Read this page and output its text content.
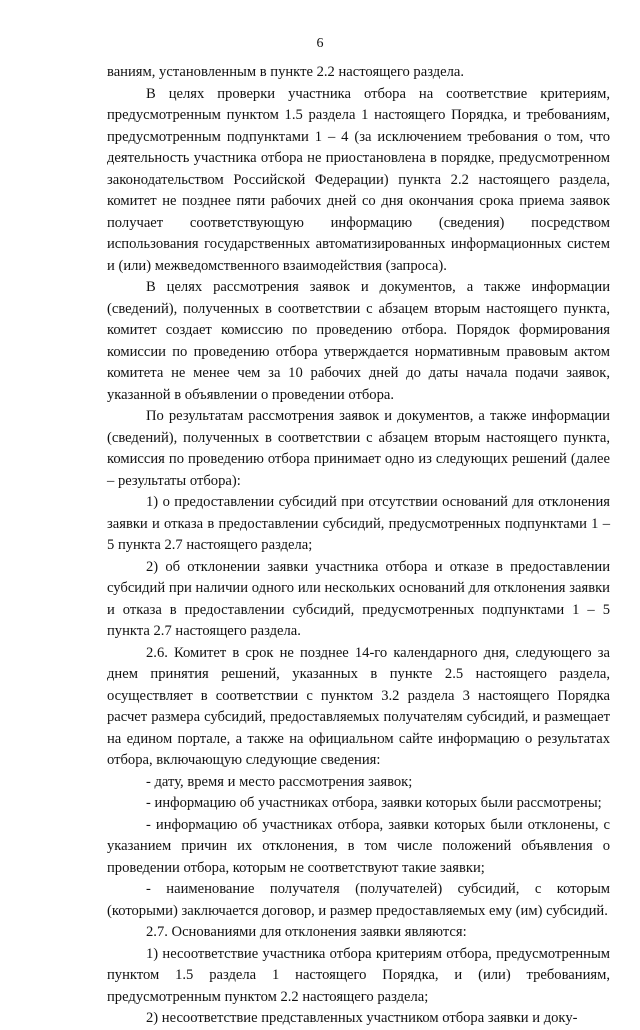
6

ваниям, установленным в пункте 2.2 настоящего раздела.

В целях проверки участника отбора на соответствие критериям, предусмотренным пунктом 1.5 раздела 1 настоящего Порядка, и требованиям, предусмотренным подпунктами 1 – 4 (за исключением требования о том, что деятельность участника отбора не приостановлена в порядке, предусмотренном законодательством Российской Федерации) пункта 2.2 настоящего раздела, комитет не позднее пяти рабочих дней со дня окончания срока приема заявок получает соответствующую информацию (сведения) посредством использования государственных автоматизированных информационных систем и (или) межведомственного взаимодействия (запроса).

В целях рассмотрения заявок и документов, а также информации (сведений), полученных в соответствии с абзацем вторым настоящего пункта, комитет создает комиссию по проведению отбора. Порядок формирования комиссии по проведению отбора утверждается нормативным правовым актом комитета не менее чем за 10 рабочих дней до даты начала подачи заявок, указанной в объявлении о проведении отбора.

По результатам рассмотрения заявок и документов, а также информации (сведений), полученных в соответствии с абзацем вторым настоящего пункта, комиссия по проведению отбора принимает одно из следующих решений (далее – результаты отбора):

1) о предоставлении субсидий при отсутствии оснований для отклонения заявки и отказа в предоставлении субсидий, предусмотренных подпунктами 1 – 5 пункта 2.7 настоящего раздела;

2) об отклонении заявки участника отбора и отказе в предоставлении субсидий при наличии одного или нескольких оснований для отклонения заявки и отказа в предоставлении субсидий, предусмотренных подпунктами 1 – 5 пункта 2.7 настоящего раздела.

2.6. Комитет в срок не позднее 14-го календарного дня, следующего за днем принятия решений, указанных в пункте 2.5 настоящего раздела, осуществляет в соответствии с пунктом 3.2 раздела 3 настоящего Порядка расчет размера субсидий, предоставляемых получателям субсидий, и размещает на едином портале, а также на официальном сайте информацию о результатах отбора, включающую следующие сведения:

- дату, время и место рассмотрения заявок;

- информацию об участниках отбора, заявки которых были рассмотрены;

- информацию об участниках отбора, заявки которых были отклонены, с указанием причин их отклонения, в том числе положений объявления о проведении отбора, которым не соответствуют такие заявки;

- наименование получателя (получателей) субсидий, с которым (которыми) заключается договор, и размер предоставляемых ему (им) субсидий.

2.7. Основаниями для отклонения заявки являются:

1) несоответствие участника отбора критериям отбора, предусмотренным пунктом 1.5 раздела 1 настоящего Порядка, и (или) требованиям, предусмотренным пунктом 2.2 настоящего раздела;

2) несоответствие представленных участником отбора заявки и доку-
